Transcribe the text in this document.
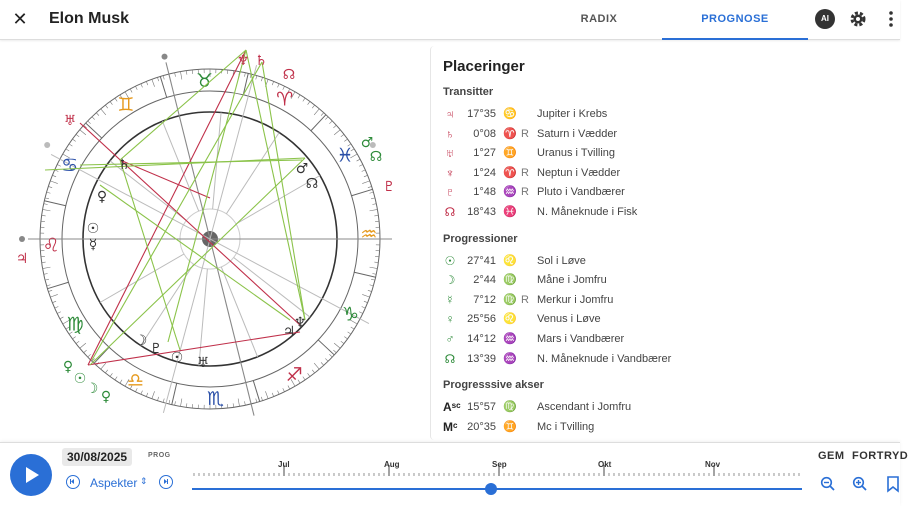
✕ Elon Musk	RADIX	PROGNOSE	AI
♓
♈
♉
♊
♋
♌
♍
♎
♏
♐
♑
♒
♅
♆ ♄
☊
♂
☊
♇
♃
♄
♀
☉
☿
♂
☊
♆
♃
☽ ♇
☉ ♅
♀
☉
☽ ♀
Placeringer
Transitter
♃	17°35 ♋ Jupiter i Krebs
♄	0°08 ♈ R Saturn i Vædder
♅	1°27 ♊ Uranus i Tvilling
♆	1°24 ♈ R Neptun i Vædder
♇	1°48 ♒ R Pluto i Vandbærer
☊	18°43 ♓ N. Måneknude i Fisk
Progressioner
☉	27°41 ♌ Sol i Løve
☽	2°44 ♍ Måne i Jomfru
☿	7°12 ♍ R Merkur i Jomfru
♀	25°56 ♌ Venus i Løve
♂	14°12 ♒ Mars i Vandbærer
☊	13°39 ♒ N. Måneknude i Vandbærer
Progresssive akser
Aˢᶜ 15°57 ♍ Ascendant i Jomfru
Mᶜ 20°35 ♊ Mc i Tvilling
30/08/2025	PROG
Aspekter ⇕
Jul	Aug	Sep	Okt	Nov
GEM FORTRYD
